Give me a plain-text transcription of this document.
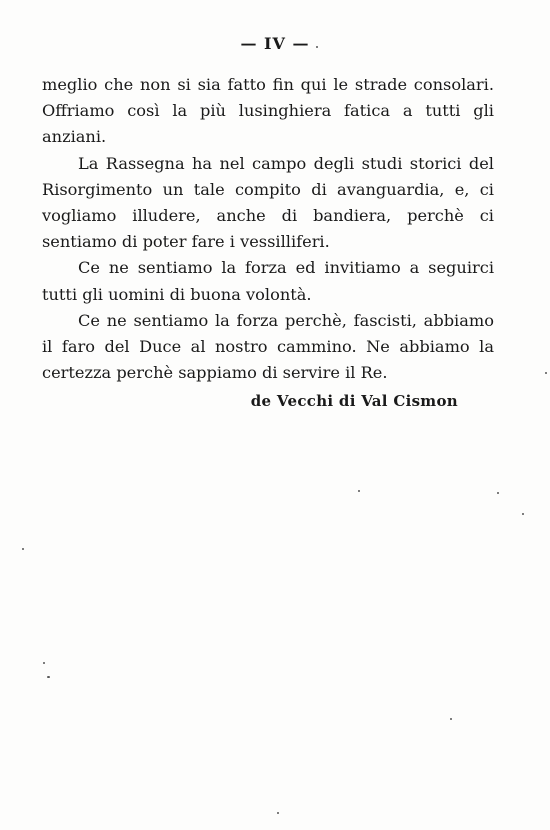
— IV —

meglio che non si sia fatto fin qui le strade consolari. Offriamo così la più lusinghiera fatica a tutti gli anziani.

La Rassegna ha nel campo degli studi storici del Risorgimento un tale compito di avanguardia, e, ci vogliamo illudere, anche di bandiera, perchè ci sentiamo di poter fare i vessilliferi.

Ce ne sentiamo la forza ed invitiamo a seguirci tutti gli uomini di buona volontà.

Ce ne sentiamo la forza perchè, fascisti, abbiamo il faro del Duce al nostro cammino. Ne abbiamo la certezza perchè sappiamo di servire il Re.

de Vecchi di Val Cismon
